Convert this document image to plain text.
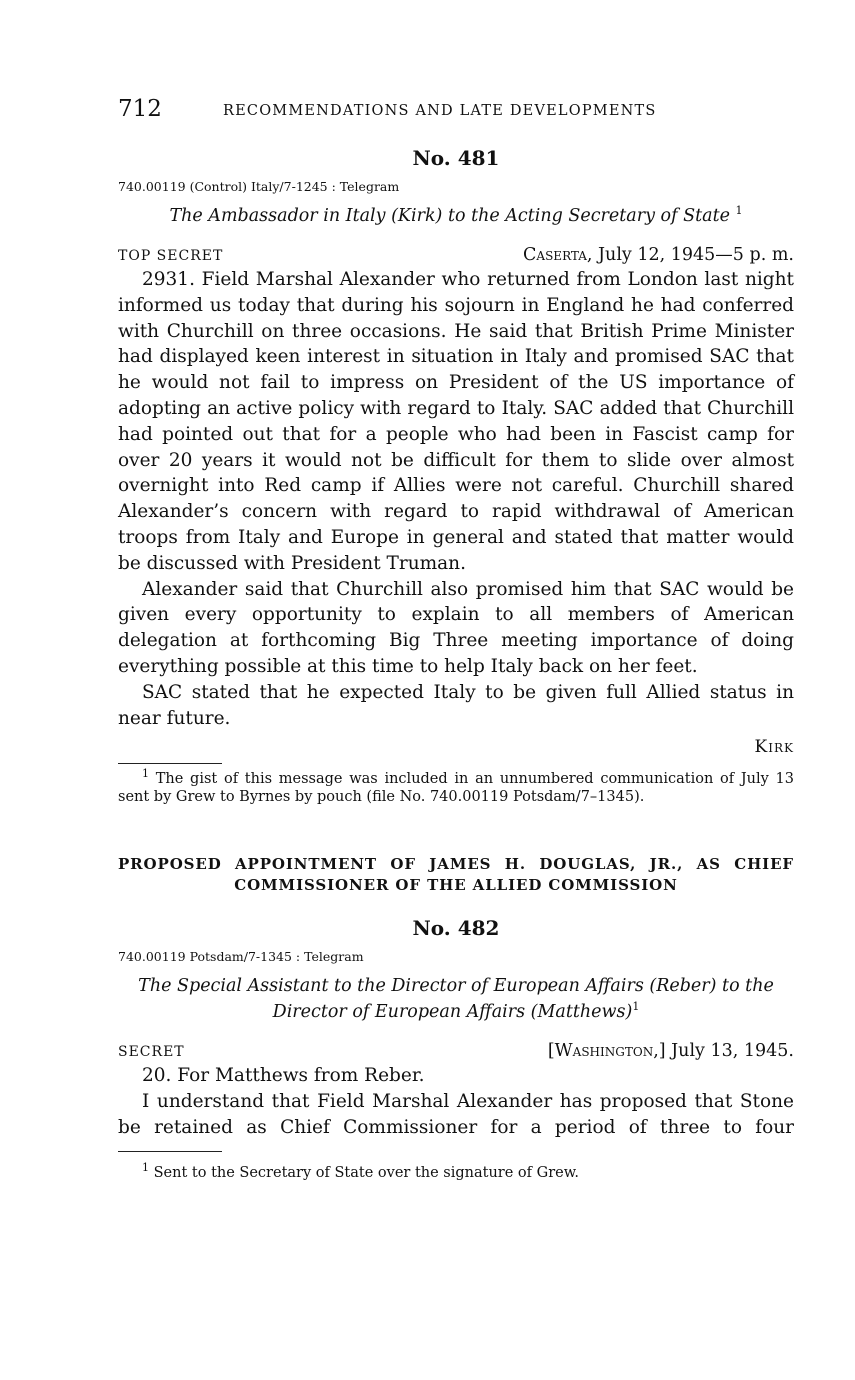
712	RECOMMENDATIONS AND LATE DEVELOPMENTS
No. 481
740.00119 (Control) Italy/7-1245 : Telegram
The Ambassador in Italy (Kirk) to the Acting Secretary of State $^1$
TOP SECRET	Caserta, July 12, 1945—5 p. m.

2931. Field Marshal Alexander who returned from London last night informed us today that during his sojourn in England he had conferred with Churchill on three occasions. He said that British Prime Minister had displayed keen interest in situation in Italy and promised SAC that he would not fail to impress on President of the US importance of adopting an active policy with regard to Italy. SAC added that Churchill had pointed out that for a people who had been in Fascist camp for over 20 years it would not be difficult for them to slide over almost overnight into Red camp if Allies were not careful. Churchill shared Alexander’s concern with regard to rapid withdrawal of American troops from Italy and Europe in general and stated that matter would be discussed with President Truman.

Alexander said that Churchill also promised him that SAC would be given every opportunity to explain to all members of American delegation at forthcoming Big Three meeting importance of doing everything possible at this time to help Italy back on her feet.

SAC stated that he expected Italy to be given full Allied status in near future.

Kirk

$^1$ The gist of this message was included in an unnumbered communication of July 13 sent by Grew to Byrnes by pouch (file No. 740.00119 Potsdam/7–1345).

PROPOSED APPOINTMENT OF JAMES H. DOUGLAS, JR., AS CHIEF
COMMISSIONER OF THE ALLIED COMMISSION
No. 482
740.00119 Potsdam/7-1345 : Telegram
The Special Assistant to the Director of European Affairs (Reber) to the
Director of European Affairs (Matthews)$^1$
SECRET	[Washington,] July 13, 1945.

20. For Matthews from Reber.

I understand that Field Marshal Alexander has proposed that Stone be retained as Chief Commissioner for a period of three to four

$^1$ Sent to the Secretary of State over the signature of Grew.
